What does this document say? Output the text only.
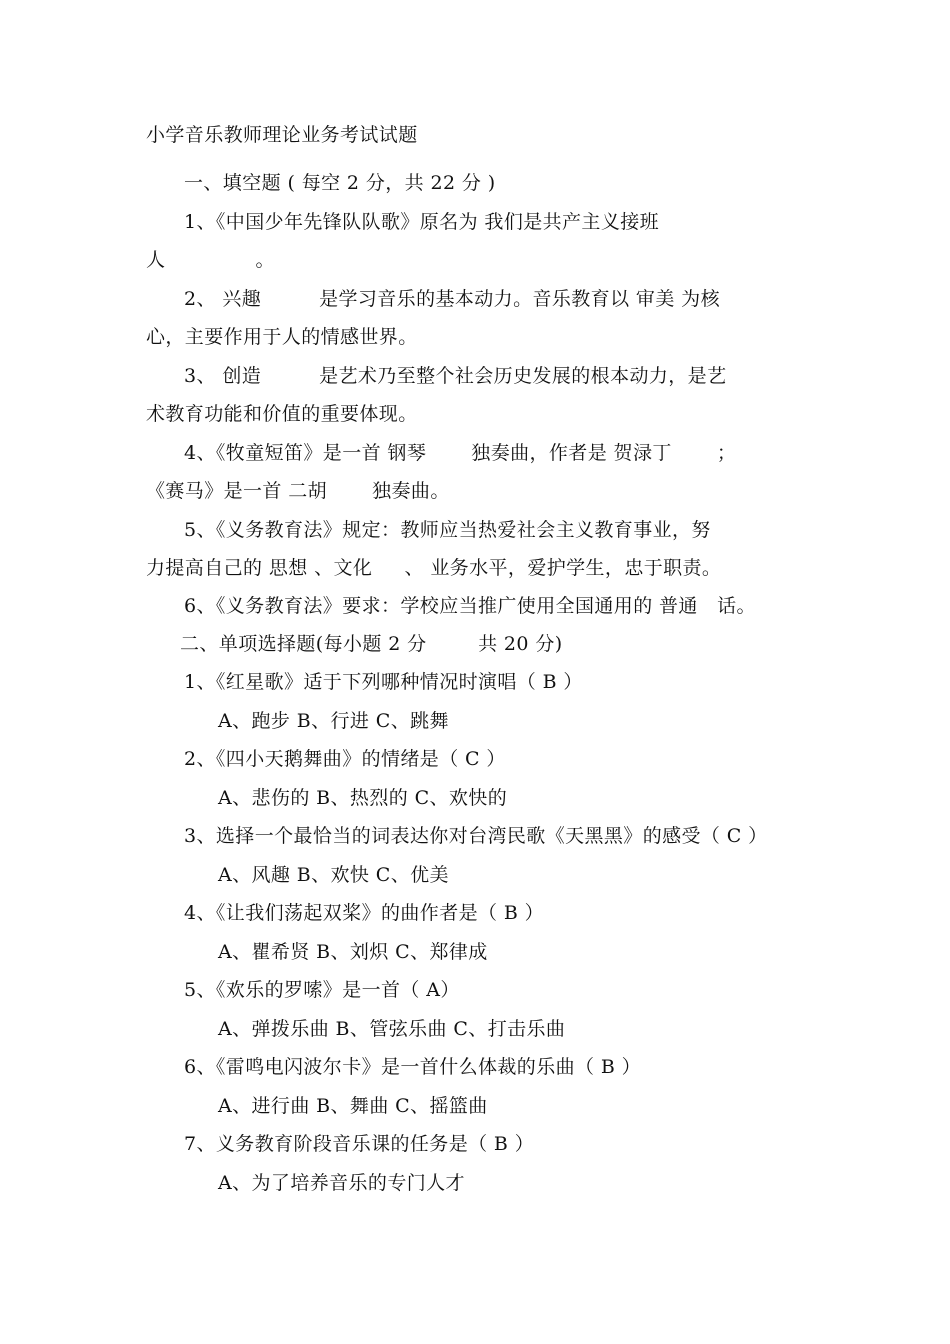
小学音乐教师理论业务考试试题
一、填空题 ( 每空 2 分，共 22 分 )
1、《中国少年先锋队队歌》原名为 我们是共产主义接班
人              。
2、 兴趣         是学习音乐的基本动力。音乐教育以 审美 为核
心，主要作用于人的情感世界。
3、 创造         是艺术乃至整个社会历史发展的根本动力，是艺
术教育功能和价值的重要体现。
4、《牧童短笛》是一首 钢琴       独奏曲，作者是 贺渌丁       ；
《赛马》是一首 二胡       独奏曲。
5、《义务教育法》规定：教师应当热爱社会主义教育事业，努
力提高自己的 思想 、文化     、 业务水平，爱护学生，忠于职责。
6、《义务教育法》要求：学校应当推广使用全国通用的 普通   话。
二、单项选择题(每小题 2 分        共 20 分)
1、《红星歌》适于下列哪种情况时演唱（ B ）
A、跑步 B、行进 C、跳舞
2、《四小天鹅舞曲》的情绪是（ C ）
A、悲伤的 B、热烈的 C、欢快的
3、选择一个最恰当的词表达你对台湾民歌《天黑黑》的感受（ C ）
A、风趣 B、欢快 C、优美
4、《让我们荡起双桨》的曲作者是（ B ）
A、瞿希贤 B、刘炽 C、郑律成
5、《欢乐的罗嗦》是一首（ A）
A、弹拨乐曲 B、管弦乐曲 C、打击乐曲
6、《雷鸣电闪波尔卡》是一首什么体裁的乐曲（ B ）
A、进行曲 B、舞曲 C、摇篮曲
7、义务教育阶段音乐课的任务是（ B ）
A、为了培养音乐的专门人才
